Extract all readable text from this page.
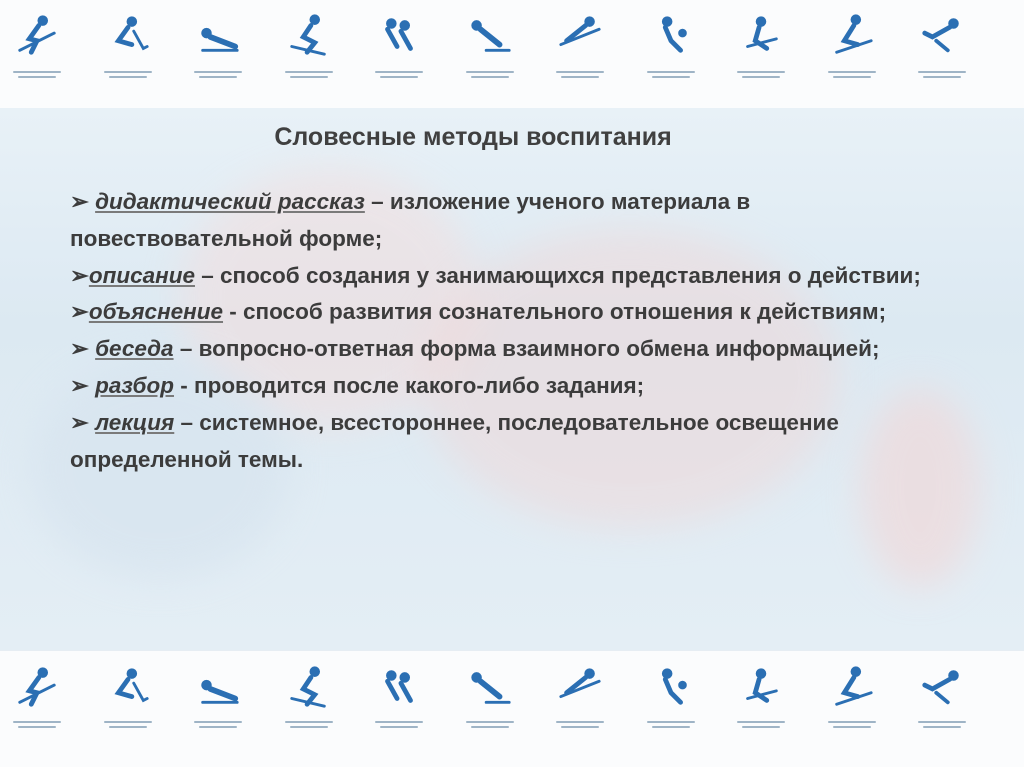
Словесные методы воспитания

➢ дидактический рассказ – изложение ученого материала в повествовательной форме;

➢описание – способ создания у занимающихся представления о действии;

➢объяснение - способ развития сознательного отношения к действиям;

➢ беседа – вопросно-ответная форма взаимного обмена информацией;

➢ разбор - проводится после какого-либо задания;

➢ лекция – системное, всестороннее, последовательное освещение определенной темы.
